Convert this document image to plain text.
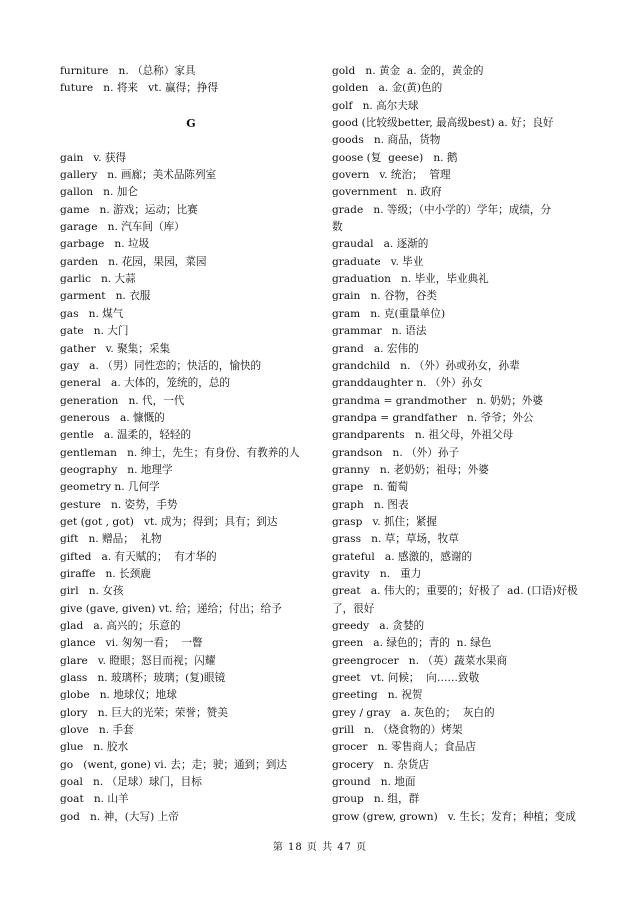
furniture   n. （总称）家具
future   n. 将来   vt. 赢得；挣得
G
gain   v. 获得
gallery   n. 画廊；美术品陈列室
gallon   n. 加仑
game   n. 游戏；运动；比赛
garage   n. 汽车间（库）
garbage   n. 垃圾
garden   n. 花园，果园，菜园
garlic   n. 大蒜
garment   n. 衣服
gas   n. 煤气
gate   n. 大门
gather   v. 聚集；采集
gay   a. （男）同性恋的；快活的，愉快的
general   a. 大体的，笼统的，总的
generation   n. 代，一代
generous   a. 慷慨的
gentle   a. 温柔的，轻轻的
gentleman   n. 绅士，先生；有身份、有教养的人
geography   n. 地理学
geometry n. 几何学
gesture   n. 姿势，手势
get (got , got)   vt. 成为；得到；具有；到达
gift   n. 赠品；  礼物
gifted   a. 有天赋的；  有才华的
giraffe   n. 长颈鹿
girl   n. 女孩
give (gave, given) vt. 给；递给；付出；给予
glad   a. 高兴的；乐意的
glance   vi. 匆匆一看；  一瞥
glare   v. 瞪眼；怒目而视；闪耀
glass   n. 玻璃杯；玻璃；(复)眼镜
globe   n. 地球仪；地球
glory   n. 巨大的光荣；荣誉；赞美
glove   n. 手套
glue   n. 胶水
go   (went, gone) vi. 去；走；驶；通到；到达
goal   n. （足球）球门，目标
goat   n. 山羊
god   n. 神，(大写) 上帝
gold   n. 黄金  a. 金的，黄金的
golden   a. 金(黄)色的
golf   n. 高尔夫球
good (比较级better, 最高级best) a. 好；良好
goods   n. 商品，货物
goose (复  geese)   n. 鹅
govern   v. 统治；  管理
government   n. 政府
grade   n. 等级；（中小学的）学年；成绩，分
数
graudal   a. 逐渐的
graduate   v. 毕业
graduation   n. 毕业，毕业典礼
grain   n. 谷物，谷类
gram   n. 克(重量单位)
grammar   n. 语法
grand   a. 宏伟的
grandchild   n. （外）孙或孙女，孙辈
granddaughter n. （外）孙女
grandma = grandmother   n. 奶奶；外婆
grandpa = grandfather   n. 爷爷；外公
grandparents   n. 祖父母，外祖父母
grandson   n. （外）孙子
granny   n. 老奶奶；祖母；外婆
grape   n. 葡萄
graph   n. 图表
grasp   v. 抓住；紧握
grass   n. 草；草场，牧草
grateful   a. 感激的，感谢的
gravity   n.   重力
great   a. 伟大的；重要的；好极了  ad. (口语)好极
了，很好
greedy   a. 贪婪的
green   a. 绿色的；青的  n. 绿色
greengrocer   n. （英）蔬菜水果商
greet   vt. 问候；  向……致敬
greeting   n. 祝贺
grey / gray   a. 灰色的；  灰白的
grill   n. （烧食物的）烤架
grocer   n. 零售商人；食品店
grocery   n. 杂货店
ground   n. 地面
group   n. 组，群
grow (grew, grown)   v. 生长；发育；种植；变成
第 18 页 共 47 页
